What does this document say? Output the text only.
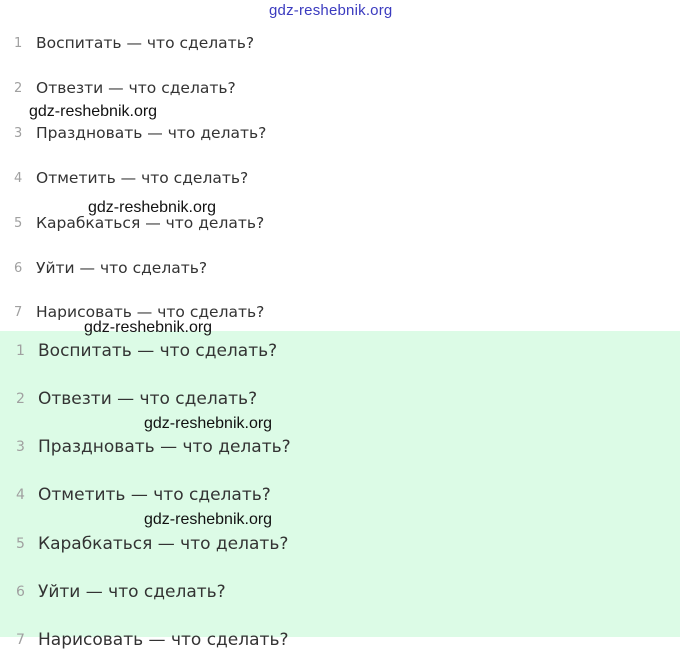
1 Воспитать — что сделать?
2 Отвезти — что сделать?
3 Праздновать — что делать?
4 Отметить — что сделать?
5 Карабкаться — что делать?
6 Уйти — что сделать?
7 Нарисовать — что сделать?
1 Воспитать — что сделать?
2 Отвезти — что сделать?
3 Праздновать — что делать?
4 Отметить — что сделать?
5 Карабкаться — что делать?
6 Уйти — что сделать?
7 Нарисовать — что сделать?
gdz-reshebnik.org
gdz-reshebnik.org
gdz-reshebnik.org
gdz-reshebnik.org
gdz-reshebnik.org
gdz-reshebnik.org
